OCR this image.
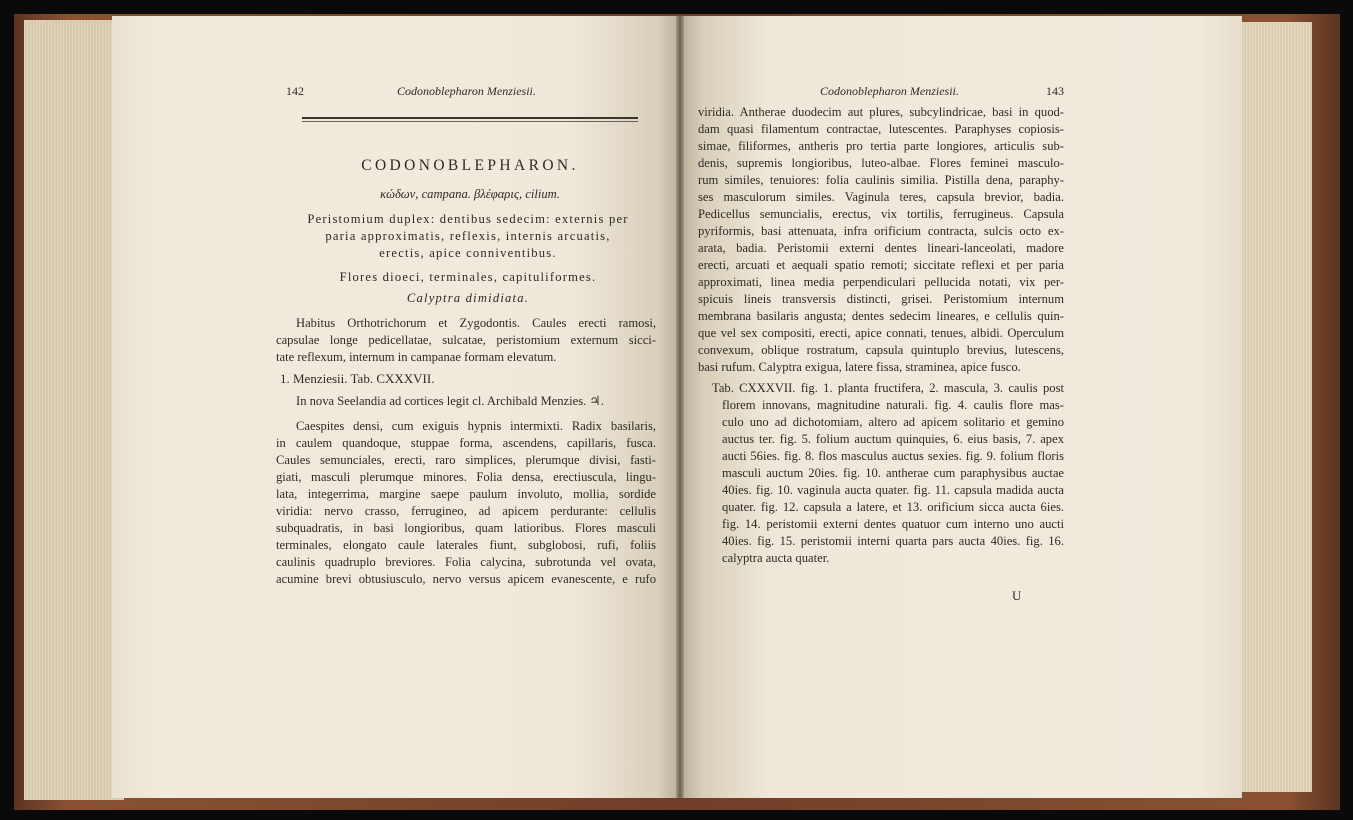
142	Codonoblepharon Menziesii.
CODONOBLEPHARON.
κώδων, campana. βλέφαρις, cilium.
Peristomium duplex: dentibus sedecim: externis per
paria approximatis, reflexis, internis arcuatis,
erectis, apice conniventibus.
Flores dioeci, terminales, capituliformes.
Calyptra dimidiata.
Habitus Orthotrichorum et Zygodontis. Caules erecti ramosi,
capsulae longe pedicellatae, sulcatae, peristomium externum sicci-
tate reflexum, internum in campanae formam elevatum.
1. Menziesii. Tab. CXXXVII.
In nova Seelandia ad cortices legit cl. Archibald Menzies. ♃.
Caespites densi, cum exiguis hypnis intermixti. Radix basilaris,
in caulem quandoque, stuppae forma, ascendens, capillaris, fusca.
Caules semunciales, erecti, raro simplices, plerumque divisi, fasti-
giati, masculi plerumque minores. Folia densa, erectiuscula, lingu-
lata, integerrima, margine saepe paulum involuto, mollia, sordide
viridia: nervo crasso, ferrugineo, ad apicem perdurante: cellulis
subquadratis, in basi longioribus, quam latioribus. Flores masculi
terminales, elongato caule laterales fiunt, subglobosi, rufi, foliis
caulinis quadruplo breviores. Folia calycina, subrotunda vel ovata,
acumine brevi obtusiusculo, nervo versus apicem evanescente, e rufo
Codonoblepharon Menziesii.	143
viridia. Antherae duodecim aut plures, subcylindricae, basi in quod-
dam quasi filamentum contractae, lutescentes. Paraphyses copiosis-
simae, filiformes, antheris pro tertia parte longiores, articulis sub-
denis, supremis longioribus, luteo-albae. Flores feminei masculo-
rum similes, tenuiores: folia caulinis similia. Pistilla dena, paraphy-
ses masculorum similes. Vaginula teres, capsula brevior, badia.
Pedicellus semuncialis, erectus, vix tortilis, ferrugineus. Capsula
pyriformis, basi attenuata, infra orificium contracta, sulcis octo ex-
arata, badia. Peristomii externi dentes lineari-lanceolati, madore
erecti, arcuati et aequali spatio remoti; siccitate reflexi et per paria
approximati, linea media perpendiculari pellucida notati, vix per-
spicuis lineis transversis distincti, grisei. Peristomium internum
membrana basilaris angusta; dentes sedecim lineares, e cellulis quin-
que vel sex compositi, erecti, apice connati, tenues, albidi. Operculum
convexum, oblique rostratum, capsula quintuplo brevius, lutescens,
basi rufum. Calyptra exigua, latere fissa, straminea, apice fusco.
Tab. CXXXVII. fig. 1. planta fructifera, 2. mascula, 3. caulis post
florem innovans, magnitudine naturali. fig. 4. caulis flore mas-
culo uno ad dichotomiam, altero ad apicem solitario et gemino
auctus ter. fig. 5. folium auctum quinquies, 6. eius basis, 7. apex
aucti 56ies. fig. 8. flos masculus auctus sexies. fig. 9. folium floris
masculi auctum 20ies. fig. 10. antherae cum paraphysibus auctae
40ies. fig. 10. vaginula aucta quater. fig. 11. capsula madida aucta
quater. fig. 12. capsula a latere, et 13. orificium sicca aucta 6ies.
fig. 14. peristomii externi dentes quatuor cum interno uno aucti
40ies. fig. 15. peristomii interni quarta pars aucta 40ies. fig. 16.
calyptra aucta quater.
U
